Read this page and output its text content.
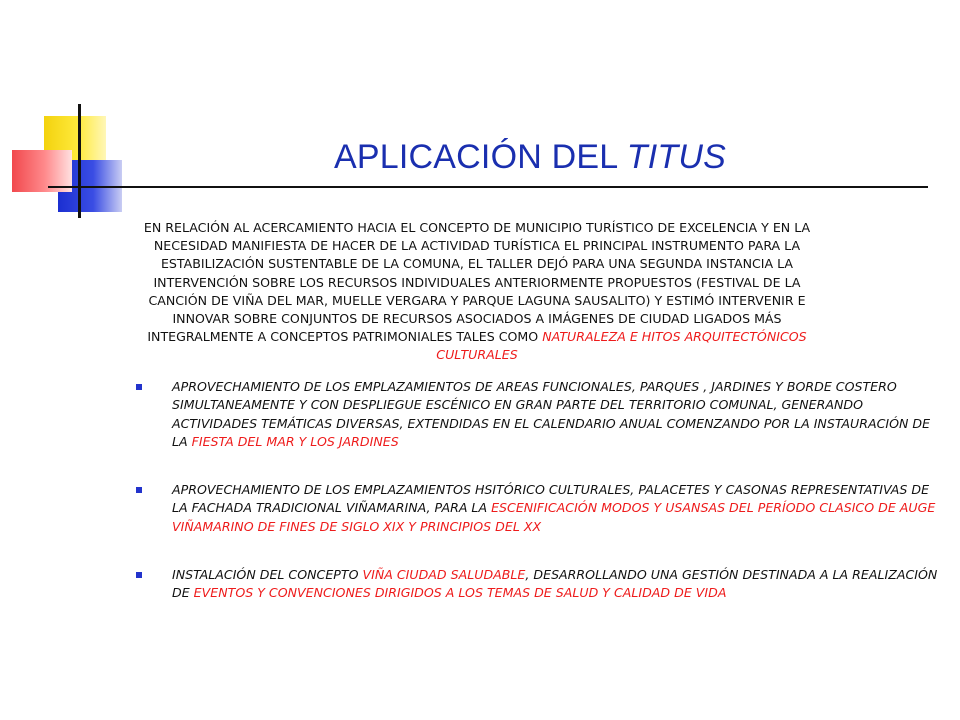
APLICACIÓN DEL TITUS
EN RELACIÓN AL ACERCAMIENTO HACIA EL CONCEPTO DE MUNICIPIO TURÍSTICO DE EXCELENCIA Y EN LA NECESIDAD MANIFIESTA DE HACER DE LA ACTIVIDAD TURÍSTICA EL PRINCIPAL INSTRUMENTO PARA LA ESTABILIZACIÓN SUSTENTABLE DE LA COMUNA, EL TALLER DEJÓ PARA UNA SEGUNDA INSTANCIA LA INTERVENCIÓN SOBRE LOS RECURSOS INDIVIDUALES ANTERIORMENTE PROPUESTOS (FESTIVAL DE LA CANCIÓN DE VIÑA DEL MAR, MUELLE VERGARA Y PARQUE LAGUNA SAUSALITO) Y ESTIMÓ INTERVENIR E INNOVAR SOBRE CONJUNTOS DE RECURSOS ASOCIADOS A IMÁGENES DE CIUDAD LIGADOS MÁS INTEGRALMENTE A CONCEPTOS PATRIMONIALES TALES COMO NATURALEZA E HITOS ARQUITECTÓNICOS CULTURALES
APROVECHAMIENTO DE LOS EMPLAZAMIENTOS DE AREAS FUNCIONALES, PARQUES , JARDINES Y BORDE COSTERO SIMULTANEAMENTE Y CON DESPLIEGUE ESCÉNICO EN GRAN PARTE DEL TERRITORIO COMUNAL, GENERANDO ACTIVIDADES TEMÁTICAS DIVERSAS, EXTENDIDAS EN EL CALENDARIO ANUAL COMENZANDO POR LA INSTAURACIÓN DE LA FIESTA DEL MAR Y LOS JARDINES
APROVECHAMIENTO DE LOS EMPLAZAMIENTOS HSITÓRICO CULTURALES, PALACETES Y CASONAS REPRESENTATIVAS DE LA FACHADA TRADICIONAL VIÑAMARINA, PARA LA ESCENIFICACIÓN MODOS Y USANSAS DEL PERÍODO CLASICO DE AUGE VIÑAMARINO DE FINES DE SIGLO XIX Y PRINCIPIOS DEL XX
INSTALACIÓN DEL CONCEPTO VIÑA CIUDAD SALUDABLE, DESARROLLANDO UNA GESTIÓN DESTINADA A LA REALIZACIÓN DE EVENTOS Y CONVENCIONES DIRIGIDOS A LOS TEMAS DE SALUD Y CALIDAD DE VIDA
